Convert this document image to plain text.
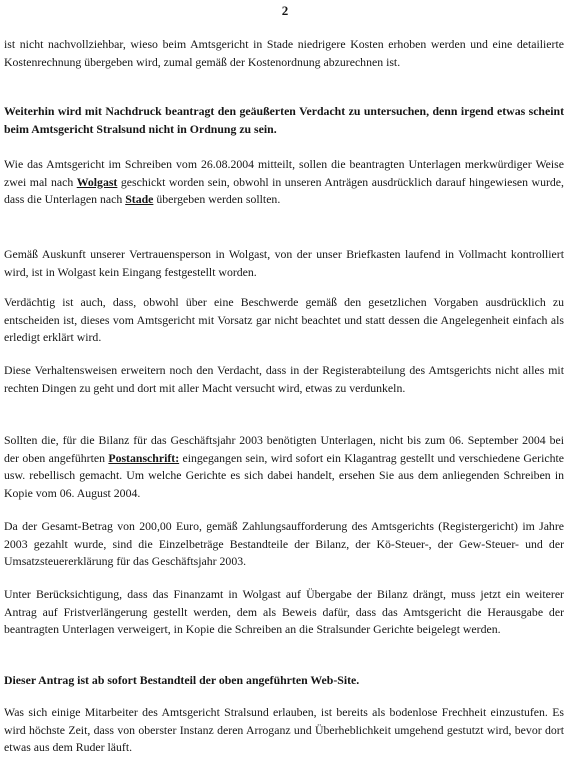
2

ist nicht nachvollziehbar, wieso beim Amtsgericht in Stade niedrigere Kosten erhoben werden und eine detailierte Kostenrechnung übergeben wird, zumal gemäß der Kostenordnung abzurechnen ist.

Weiterhin wird mit Nachdruck beantragt den geäußerten Verdacht zu untersuchen, denn irgend etwas scheint beim Amtsgericht Stralsund nicht in Ordnung zu sein.

Wie das Amtsgericht im Schreiben vom 26.08.2004 mitteilt, sollen die beantragten Unterlagen merkwürdiger Weise zwei mal nach Wolgast geschickt worden sein, obwohl in unseren Anträgen ausdrücklich darauf hingewiesen wurde, dass die Unterlagen nach Stade übergeben werden sollten.

Gemäß Auskunft unserer Vertrauensperson in Wolgast, von der unser Briefkasten laufend in Vollmacht kontrolliert wird, ist in Wolgast kein Eingang festgestellt worden.

Verdächtig ist auch, dass, obwohl über eine Beschwerde gemäß den gesetzlichen Vorgaben ausdrücklich zu entscheiden ist, dieses vom Amtsgericht mit Vorsatz gar nicht beachtet und statt dessen die Angelegenheit einfach als erledigt erklärt wird.

Diese Verhaltensweisen erweitern noch den Verdacht, dass in der Registerabteilung des Amtsgerichts nicht alles mit rechten Dingen zu geht und dort mit aller Macht versucht wird, etwas zu verdunkeln.

Sollten die, für die Bilanz für das Geschäftsjahr 2003 benötigten Unterlagen, nicht bis zum 06. September 2004 bei der oben angeführten Postanschrift: eingegangen sein, wird sofort ein Klagantrag gestellt und verschiedene Gerichte usw. rebellisch gemacht. Um welche Gerichte es sich dabei handelt, ersehen Sie aus dem anliegenden Schreiben in Kopie vom 06. August 2004.

Da der Gesamt-Betrag von 200,00 Euro, gemäß Zahlungsaufforderung des Amtsgerichts (Registergericht) im Jahre 2003 gezahlt wurde, sind die Einzelbeträge Bestandteile der Bilanz, der Kö-Steuer-, der Gew-Steuer- und der Umsatzsteuererklärung für das Geschäftsjahr 2003.

Unter Berücksichtigung, dass das Finanzamt in Wolgast auf Übergabe der Bilanz drängt, muss jetzt ein weiterer Antrag auf Fristverlängerung gestellt werden, dem als Beweis dafür, dass das Amtsgericht die Herausgabe der beantragten Unterlagen verweigert, in Kopie die Schreiben an die Stralsunder Gerichte beigelegt werden.

Dieser Antrag ist ab sofort Bestandteil der oben angeführten Web-Site.

Was sich einige Mitarbeiter des Amtsgericht Stralsund erlauben, ist bereits als bodenlose Frechheit einzustufen. Es wird höchste Zeit, dass von oberster Instanz deren Arroganz und Überheblichkeit umgehend gestutzt wird, bevor dort etwas aus dem Ruder läuft.
